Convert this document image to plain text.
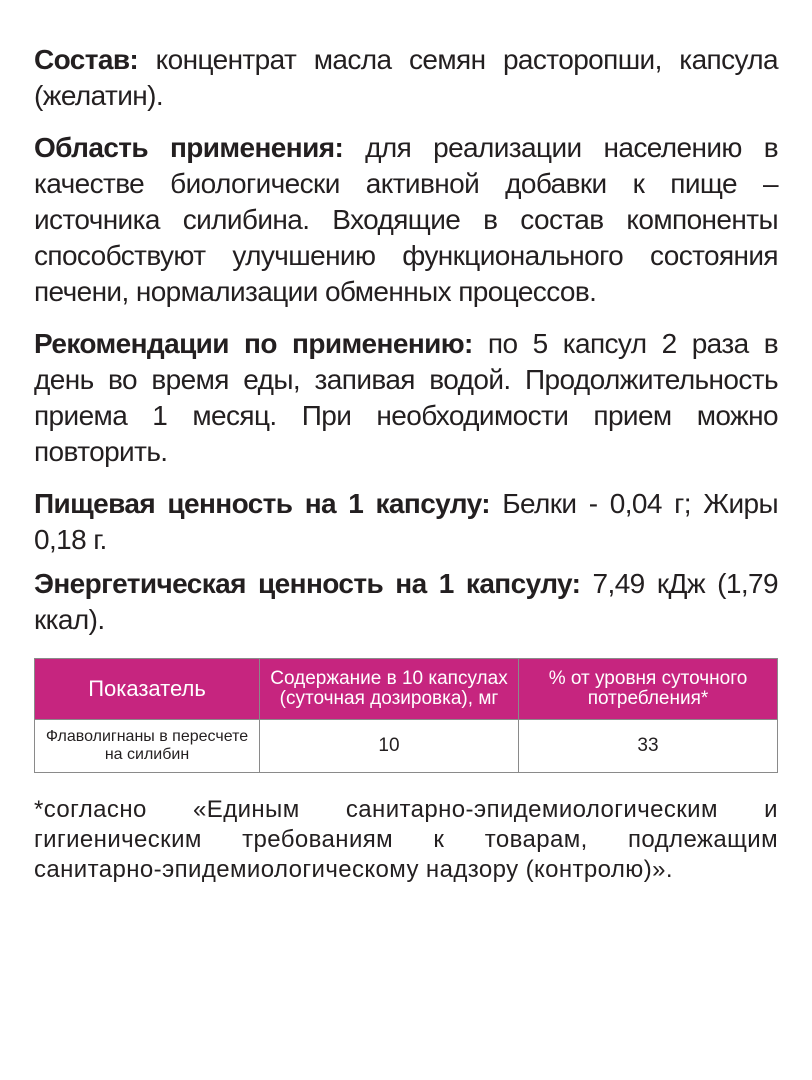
Состав: концентрат масла семян расторопши, капсула (желатин).

Область применения: для реализации населению в качестве биологически активной добавки к пище – источника силибина. Входящие в состав компоненты способствуют улучшению функционального состояния печени, нормализации обменных процессов.

Рекомендации по применению: по 5 капсул 2 раза в день во время еды, запивая водой. Продолжительность приема 1 месяц. При необходимости прием можно повторить.

Пищевая ценность на 1 капсулу: Белки - 0,04 г; Жиры 0,18 г.

Энергетическая ценность на 1 капсулу: 7,49 кДж (1,79 ккал).

Показатель	Содержание в 10 капсулах (суточная дозировка), мг	% от уровня суточного потребления*
Флаволигнаны в пересчете на силибин	10	33

*согласно «Единым санитарно-эпидемиологическим и гигиеническим требованиям к товарам, подлежащим санитарно-эпидемиологическому надзору (контролю)».
